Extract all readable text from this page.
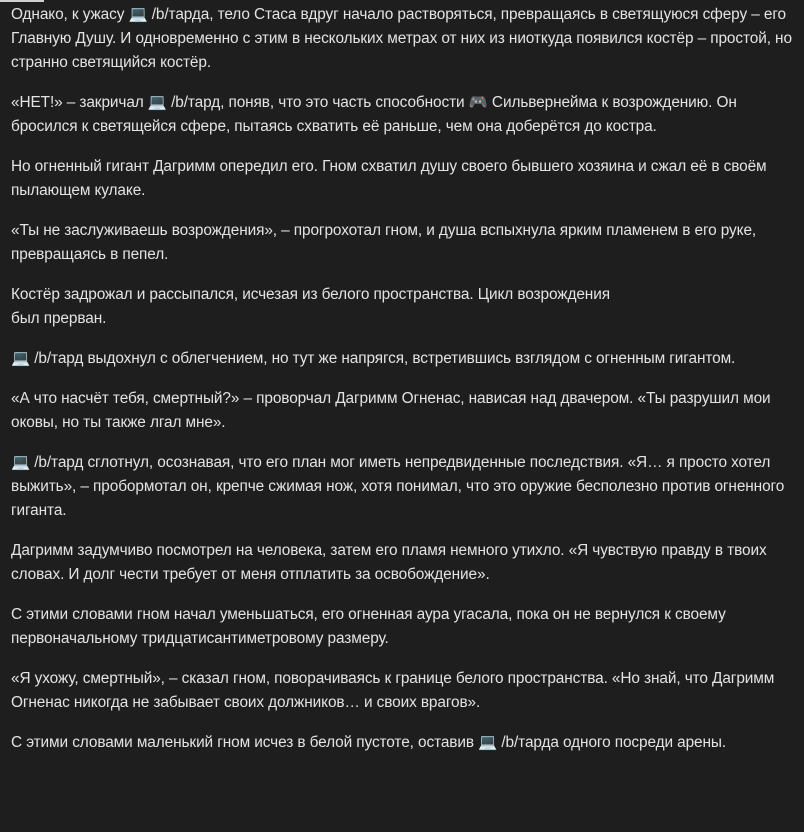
Однако, к ужасу 💻 /b/тарда, тело Стаса вдруг начало растворяться, превращаясь в светящуюся сферу – его Главную Душу. И одновременно с этим в нескольких метрах от них из ниоткуда появился костёр – простой, но странно светящийся костёр.

«НЕТ!» – закричал 💻 /b/тард, поняв, что это часть способности 🎮 Сильвернейма к возрождению. Он бросился к светящейся сфере, пытаясь схватить её раньше, чем она доберётся до костра.

Но огненный гигант Дагримм опередил его. Гном схватил душу своего бывшего хозяина и сжал её в своём пылающем кулаке.

«Ты не заслуживаешь возрождения», – прогрохотал гном, и душа вспыхнула ярким пламенем в его руке, превращаясь в пепел.

Костёр задрожал и рассыпался, исчезая из белого пространства. Цикл возрождения
был прерван.

💻 /b/тард выдохнул с облегчением, но тут же напрягся, встретившись взглядом с огненным гигантом.

«А что насчёт тебя, смертный?» – проворчал Дагримм Огненас, нависая над двачером. «Ты разрушил мои оковы, но ты также лгал мне».

💻 /b/тард сглотнул, осознавая, что его план мог иметь непредвиденные последствия. «Я… я просто хотел выжить», – пробормотал он, крепче сжимая нож, хотя понимал, что это оружие бесполезно против огненного гиганта.

Дагримм задумчиво посмотрел на человека, затем его пламя немного утихло. «Я чувствую правду в твоих словах. И долг чести требует от меня отплатить за освобождение».

С этими словами гном начал уменьшаться, его огненная аура угасала, пока он не вернулся к своему первоначальному тридцатисантиметровому размеру.

«Я ухожу, смертный», – сказал гном, поворачиваясь к границе белого пространства. «Но знай, что Дагримм Огненас никогда не забывает своих должников… и своих врагов».

С этими словами маленький гном исчез в белой пустоте, оставив 💻 /b/тарда одного посреди арены.
